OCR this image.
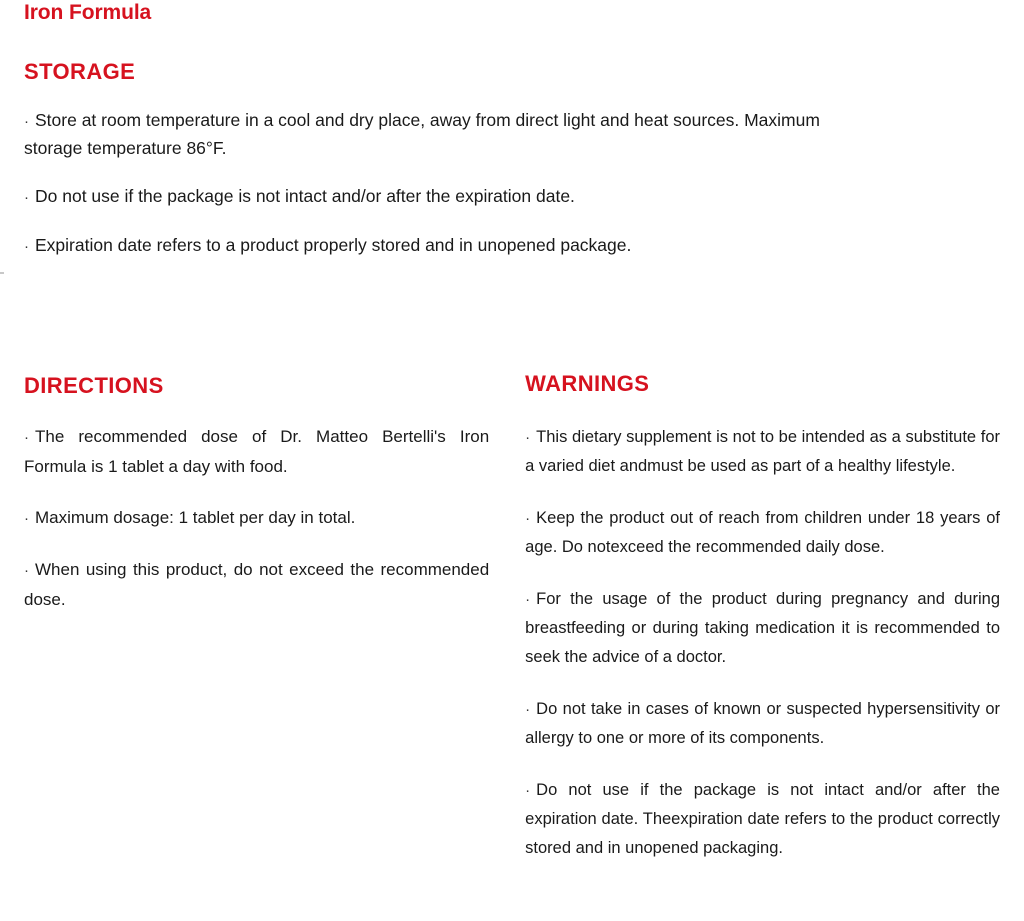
Iron Formula
STORAGE
· Store at room temperature in a cool and dry place, away from direct light and heat sources. Maximum storage temperature 86°F.
· Do not use if the package is not intact and/or after the expiration date.
· Expiration date refers to a product properly stored and in unopened package.
DIRECTIONS
· The recommended dose of Dr. Matteo Bertelli's Iron Formula is 1 tablet a day with food.
· Maximum dosage: 1 tablet per day in total.
· When using this product, do not exceed the recommended dose.
WARNINGS
· This dietary supplement is not to be intended as a substitute for a varied diet andmust be used as part of a healthy lifestyle.
· Keep the product out of reach from children under 18 years of age. Do notexceed the recommended daily dose.
· For the usage of the product during pregnancy and during breastfeeding or during taking medication it is recommended to seek the advice of a doctor.
· Do not take in cases of known or suspected hypersensitivity or allergy to one or more of its components.
· Do not use if the package is not intact and/or after the expiration date. Theexpiration date refers to the product correctly stored and in unopened packaging.
